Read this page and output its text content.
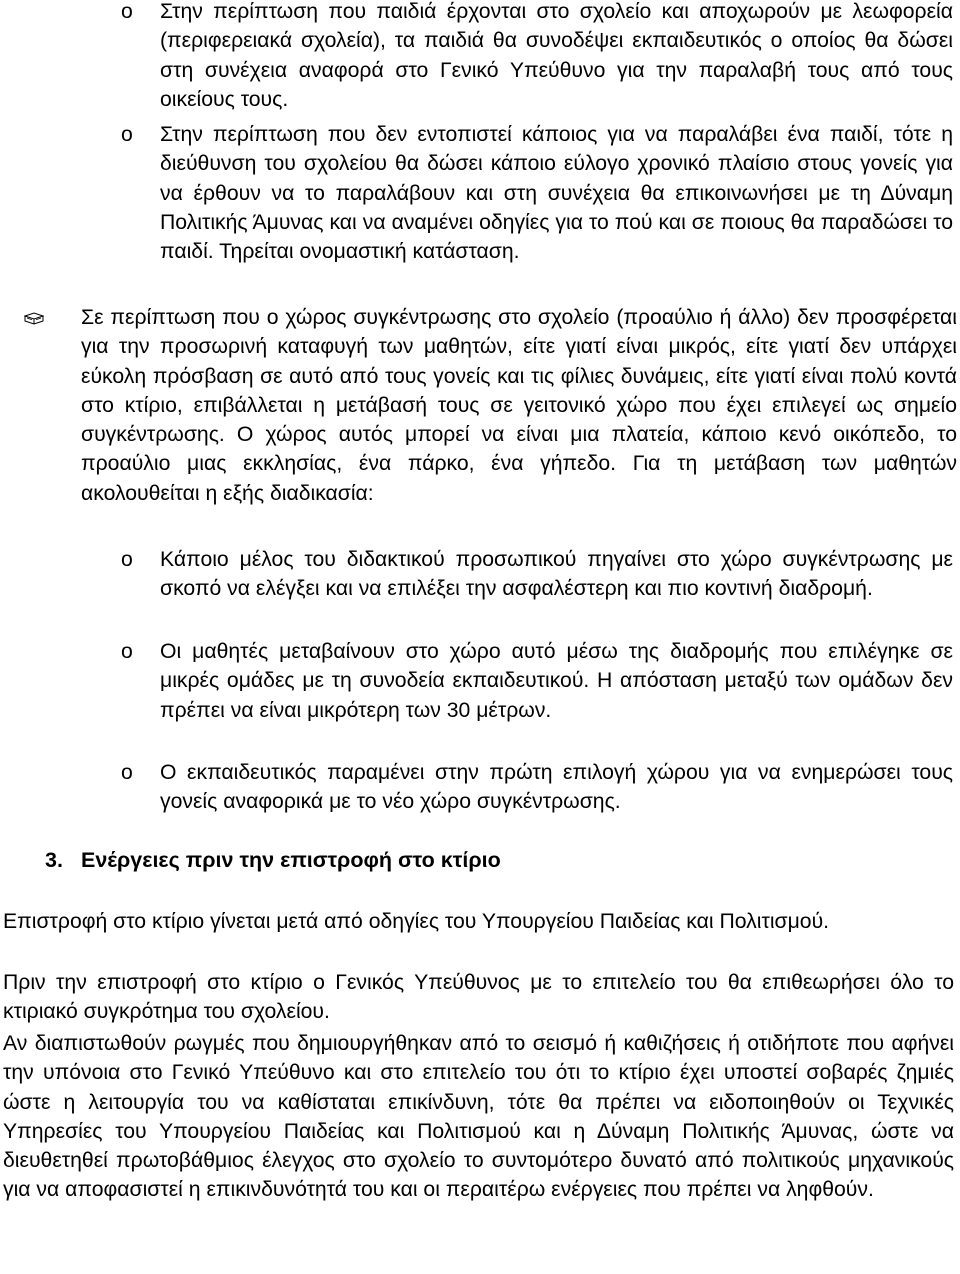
o	Στην περίπτωση που παιδιά έρχονται στο σχολείο και αποχωρούν με λεωφορεία (περιφερειακά σχολεία), τα παιδιά θα συνοδέψει εκπαιδευτικός ο οποίος θα δώσει στη συνέχεια αναφορά στο Γενικό Υπεύθυνο για την παραλαβή τους από τους οικείους τους.
o	Στην περίπτωση που δεν εντοπιστεί κάποιος για να παραλάβει ένα παιδί, τότε η διεύθυνση του σχολείου θα δώσει κάποιο εύλογο χρονικό πλαίσιο στους γονείς για να έρθουν να το παραλάβουν και στη συνέχεια θα επικοινωνήσει με τη Δύναμη Πολιτικής Άμυνας και να αναμένει οδηγίες για το πού και σε ποιους θα παραδώσει το παιδί. Τηρείται ονομαστική κατάσταση.
Σε περίπτωση που ο χώρος συγκέντρωσης στο σχολείο (προαύλιο ή άλλο) δεν προσφέρεται για την προσωρινή καταφυγή των μαθητών, είτε γιατί είναι μικρός, είτε γιατί δεν υπάρχει εύκολη πρόσβαση σε αυτό από τους γονείς και τις φίλιες δυνάμεις, είτε γιατί είναι πολύ κοντά στο κτίριο, επιβάλλεται η μετάβασή τους σε γειτονικό χώρο που έχει επιλεγεί ως σημείο συγκέντρωσης. Ο χώρος αυτός μπορεί να είναι μια πλατεία, κάποιο κενό οικόπεδο, το προαύλιο μιας εκκλησίας, ένα πάρκο, ένα γήπεδο. Για τη μετάβαση των μαθητών ακολουθείται η εξής διαδικασία:
o	Κάποιο μέλος του διδακτικού προσωπικού πηγαίνει στο χώρο συγκέντρωσης με σκοπό να ελέγξει και να επιλέξει την ασφαλέστερη και πιο κοντινή διαδρομή.
o	Οι μαθητές μεταβαίνουν στο χώρο αυτό μέσω της διαδρομής που επιλέγηκε σε μικρές ομάδες με τη συνοδεία εκπαιδευτικού. Η απόσταση μεταξύ των ομάδων δεν πρέπει να είναι μικρότερη των 30 μέτρων.
o	Ο εκπαιδευτικός παραμένει στην πρώτη επιλογή χώρου για να ενημερώσει τους γονείς αναφορικά με το νέο χώρο συγκέντρωσης.
3. Ενέργειες πριν την επιστροφή στο κτίριο
Επιστροφή στο κτίριο γίνεται μετά από οδηγίες του Υπουργείου Παιδείας και Πολιτισμού.
Πριν την επιστροφή στο κτίριο ο Γενικός Υπεύθυνος με το επιτελείο του θα επιθεωρήσει όλο το κτιριακό συγκρότημα του σχολείου.
Αν διαπιστωθούν ρωγμές που δημιουργήθηκαν από το σεισμό ή καθιζήσεις ή οτιδήποτε που αφήνει την υπόνοια στο Γενικό Υπεύθυνο και στο επιτελείο του ότι το κτίριο έχει υποστεί σοβαρές ζημιές ώστε η λειτουργία του να καθίσταται επικίνδυνη, τότε θα πρέπει να ειδοποιηθούν οι Τεχνικές Υπηρεσίες του Υπουργείου Παιδείας και Πολιτισμού και η Δύναμη Πολιτικής Άμυνας, ώστε να διευθετηθεί πρωτοβάθμιος έλεγχος στο σχολείο το συντομότερο δυνατό από πολιτικούς μηχανικούς για να αποφασιστεί η επικινδυνότητά του και οι περαιτέρω ενέργειες που πρέπει να ληφθούν.
